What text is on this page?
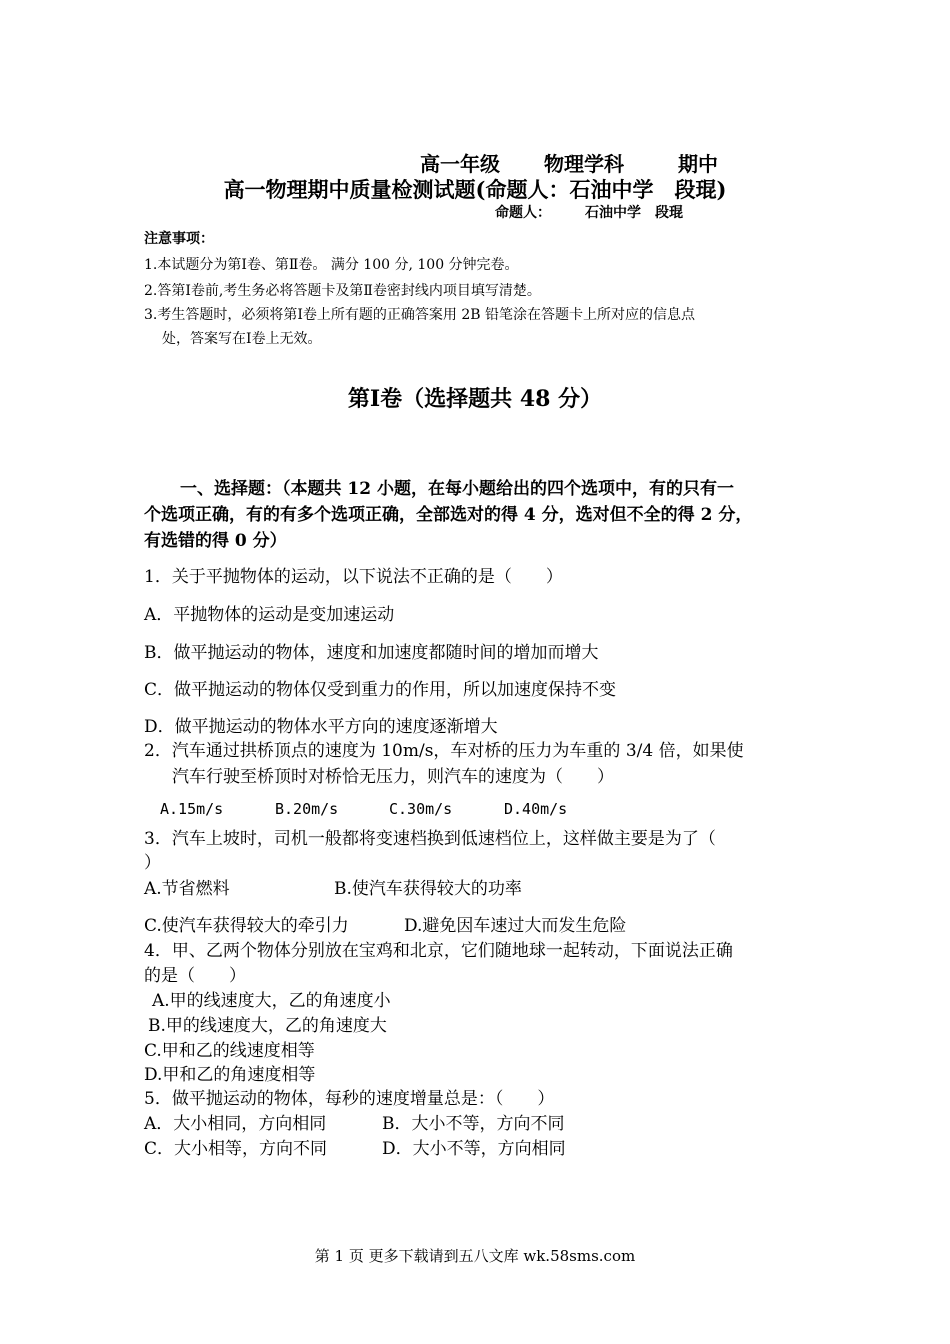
高一年级 物理学科	期中
高一物理期中质量检测试题(命题人：石油中学　段琨)
命题人： 石油中学 段琨
注意事项：
1.本试题分为第Ⅰ卷、第Ⅱ卷。 满分 100 分, 100 分钟完卷。
2.答第Ⅰ卷前,考生务必将答题卡及第Ⅱ卷密封线内项目填写清楚。
3.考生答题时，必须将第Ⅰ卷上所有题的正确答案用 2B 铅笔涂在答题卡上所对应的信息点
处，答案写在Ⅰ卷上无效。
第Ⅰ卷（选择题共 48 分）
一、选择题：（本题共 12 小题，在每小题给出的四个选项中，有的只有一
个选项正确，有的有多个选项正确，全部选对的得 4 分，选对但不全的得 2 分，
有选错的得 0 分）
1．关于平抛物体的运动，以下说法不正确的是（　　）
A．平抛物体的运动是变加速运动
B．做平抛运动的物体，速度和加速度都随时间的增加而增大
C．做平抛运动的物体仅受到重力的作用，所以加速度保持不变
D．做平抛运动的物体水平方向的速度逐渐增大
2．汽车通过拱桥顶点的速度为 10m/s，车对桥的压力为车重的 3/4 倍，如果使
汽车行驶至桥顶时对桥恰无压力，则汽车的速度为（　　）
A.15m/s	B.20m/s	C.30m/s	D.40m/s
3．汽车上坡时，司机一般都将变速档换到低速档位上，这样做主要是为了（
）
A.节省燃料	B.使汽车获得较大的功率
C.使汽车获得较大的牵引力	D.避免因车速过大而发生危险
4．甲、乙两个物体分别放在宝鸡和北京，它们随地球一起转动，下面说法正确
的是（　　）
A.甲的线速度大，乙的角速度小
B.甲的线速度大，乙的角速度大
C.甲和乙的线速度相等
D.甲和乙的角速度相等
5．做平抛运动的物体，每秒的速度增量总是：（　　）
A．大小相同，方向相同	B．大小不等，方向不同
C．大小相等，方向不同	D．大小不等，方向相同
第 1 页 更多下载请到五八文库 wk.58sms.com
